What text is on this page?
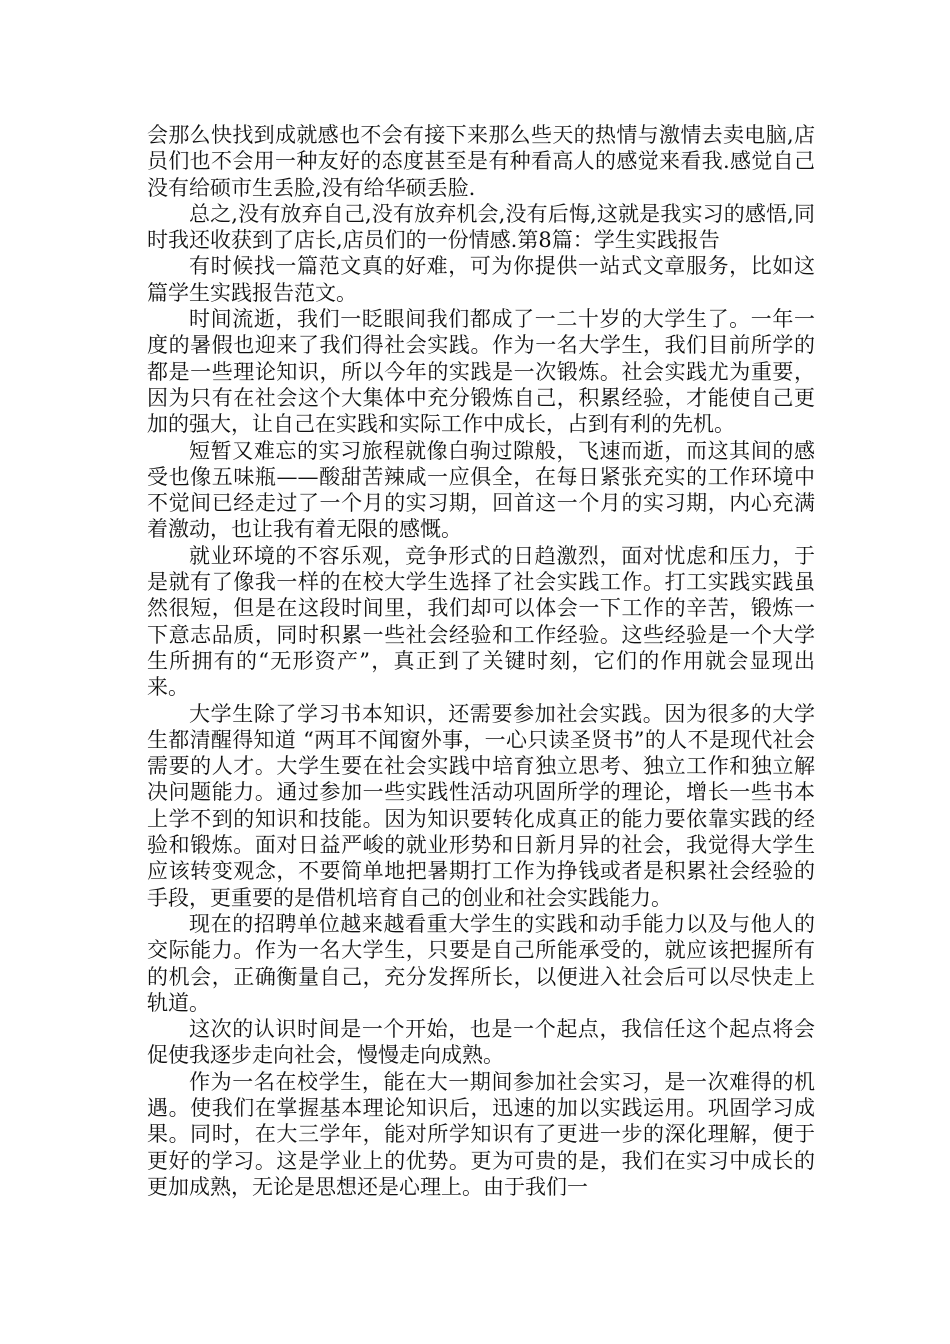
会那么快找到成就感也不会有接下来那么些天的热情与激情去卖电脑,店员们也不会用一种友好的态度甚至是有种看高人的感觉来看我.感觉自己没有给硕市生丢脸,没有给华硕丢脸.

总之,没有放弃自己,没有放弃机会,没有后悔,这就是我实习的感悟,同时我还收获到了店长,店员们的一份情感.第8篇：学生实践报告

有时候找一篇范文真的好难，可为你提供一站式文章服务，比如这篇学生实践报告范文。

时间流逝，我们一眨眼间我们都成了一二十岁的大学生了。一年一度的暑假也迎来了我们得社会实践。作为一名大学生，我们目前所学的都是一些理论知识，所以今年的实践是一次锻炼。社会实践尤为重要，因为只有在社会这个大集体中充分锻炼自己，积累经验，才能使自己更加的强大，让自己在实践和实际工作中成长，占到有利的先机。

短暂又难忘的实习旅程就像白驹过隙般，飞速而逝，而这其间的感受也像五味瓶——酸甜苦辣咸一应俱全，在每日紧张充实的工作环境中不觉间已经走过了一个月的实习期，回首这一个月的实习期，内心充满着激动，也让我有着无限的感慨。

就业环境的不容乐观，竞争形式的日趋激烈，面对忧虑和压力，于是就有了像我一样的在校大学生选择了社会实践工作。打工实践实践虽然很短，但是在这段时间里，我们却可以体会一下工作的辛苦，锻炼一下意志品质，同时积累一些社会经验和工作经验。这些经验是一个大学生所拥有的“无形资产”，真正到了关键时刻，它们的作用就会显现出来。

大学生除了学习书本知识，还需要参加社会实践。因为很多的大学生都清醒得知道 “两耳不闻窗外事，一心只读圣贤书”的人不是现代社会需要的人才。大学生要在社会实践中培育独立思考、独立工作和独立解决问题能力。通过参加一些实践性活动巩固所学的理论，增长一些书本上学不到的知识和技能。因为知识要转化成真正的能力要依靠实践的经验和锻炼。面对日益严峻的就业形势和日新月异的社会，我觉得大学生应该转变观念，不要简单地把暑期打工作为挣钱或者是积累社会经验的手段，更重要的是借机培育自己的创业和社会实践能力。

现在的招聘单位越来越看重大学生的实践和动手能力以及与他人的交际能力。作为一名大学生，只要是自己所能承受的，就应该把握所有的机会，正确衡量自己，充分发挥所长，以便进入社会后可以尽快走上轨道。

这次的认识时间是一个开始，也是一个起点，我信任这个起点将会促使我逐步走向社会，慢慢走向成熟。

作为一名在校学生，能在大一期间参加社会实习，是一次难得的机遇。使我们在掌握基本理论知识后，迅速的加以实践运用。巩固学习成果。同时，在大三学年，能对所学知识有了更进一步的深化理解，便于更好的学习。这是学业上的优势。更为可贵的是，我们在实习中成长的更加成熟，无论是思想还是心理上。由于我们一
